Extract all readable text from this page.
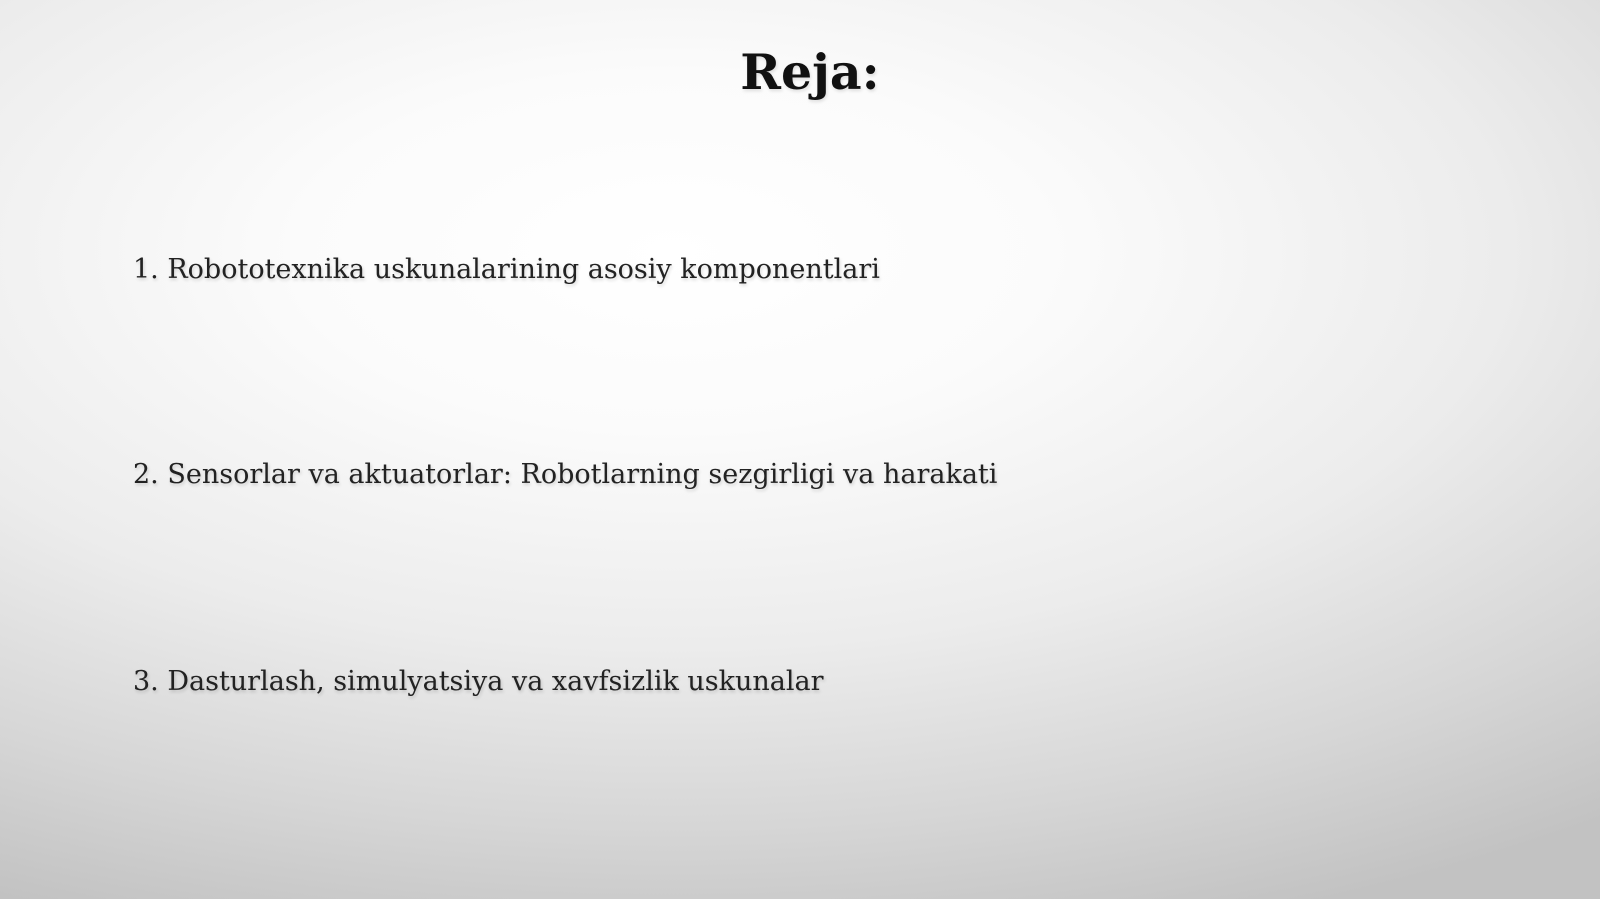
Reja:
1. Robototexnika uskunalarining asosiy komponentlari
2. Sensorlar va aktuatorlar: Robotlarning sezgirligi va harakati
3. Dasturlash, simulyatsiya va xavfsizlik uskunalar
